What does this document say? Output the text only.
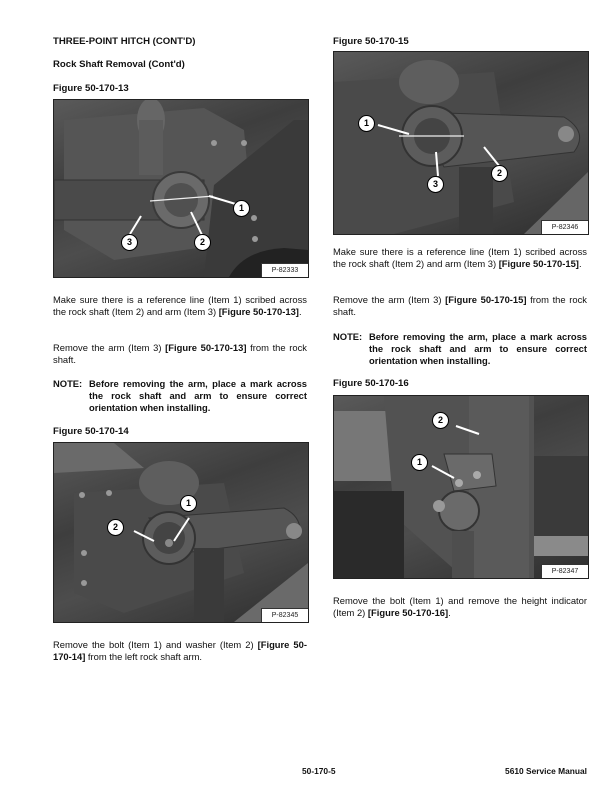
THREE-POINT HITCH (CONT'D)
Rock Shaft Removal (Cont'd)
Figure 50-170-13
1
2
3
P-82333
Make sure there is a reference line (Item 1) scribed across the rock shaft (Item 2) and arm (Item 3) [Figure 50-170-13].
Remove the arm (Item 3) [Figure 50-170-13] from the rock shaft.
NOTE: Before removing the arm, place a mark across the rock shaft and arm to ensure correct orientation when installing.
Figure 50-170-14
1
2
P-82345
Remove the bolt (Item 1) and washer (Item 2) [Figure 50-170-14] from the left rock shaft arm.
Figure 50-170-15
1
2
3
P-82346
Make sure there is a reference line (Item 1) scribed across the rock shaft (Item 2) and arm (Item 3) [Figure 50-170-15].
Remove the arm (Item 3) [Figure 50-170-15] from the rock shaft.
NOTE: Before removing the arm, place a mark across the rock shaft and arm to ensure correct orientation when installing.
Figure 50-170-16
2
1
P-82347
Remove the bolt (Item 1) and remove the height indicator (Item 2) [Figure 50-170-16].
50-170-5	5610 Service Manual
